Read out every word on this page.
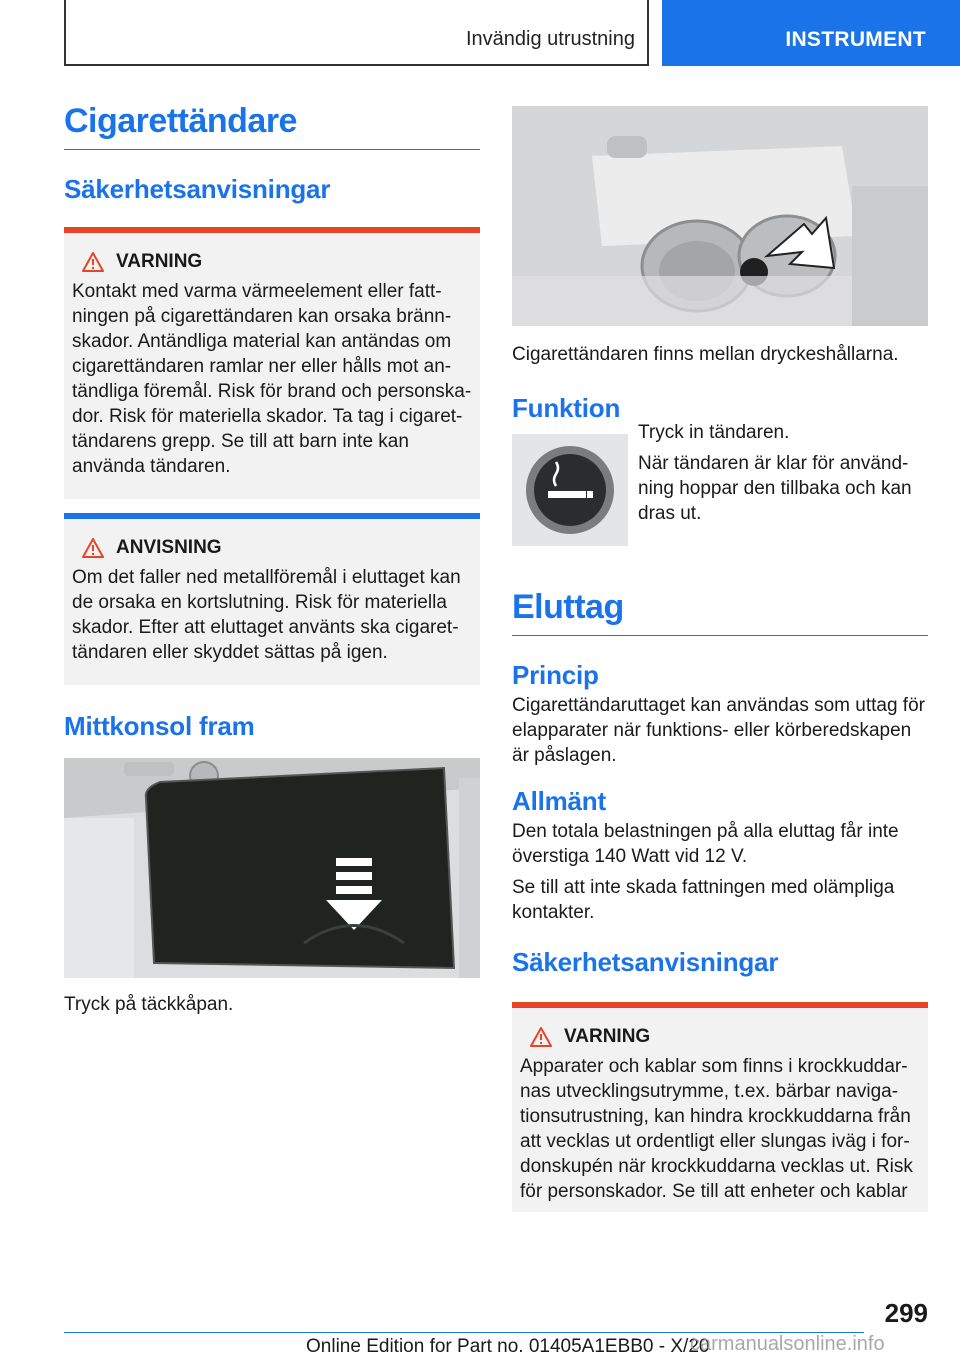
Invändig utrustning	INSTRUMENT
Cigarettändare
Säkerhetsanvisningar
VARNING
Kontakt med varma värmeelement eller fatt-
ningen på cigarettändaren kan orsaka bränn-
skador. Antändliga material kan antändas om
cigarettändaren ramlar ner eller hålls mot an-
tändliga föremål. Risk för brand och personska-
dor. Risk för materiella skador. Ta tag i cigaret-
tändarens grepp. Se till att barn inte kan
använda tändaren.
ANVISNING
Om det faller ned metallföremål i eluttaget kan
de orsaka en kortslutning. Risk för materiella
skador. Efter att eluttaget använts ska cigaret-
tändaren eller skyddet sättas på igen.
Mittkonsol fram
Tryck på täckkåpan.
Cigarettändaren finns mellan dryckeshållarna.
Funktion
Tryck in tändaren.
När tändaren är klar för använd-
ning hoppar den tillbaka och kan
dras ut.
Eluttag
Princip
Cigarettändaruttaget kan användas som uttag för
elapparater när funktions- eller körberedskapen
är påslagen.
Allmänt
Den totala belastningen på alla eluttag får inte
överstiga 140 Watt vid 12 V.
Se till att inte skada fattningen med olämpliga
kontakter.
Säkerhetsanvisningar
VARNING
Apparater och kablar som finns i krockkuddar-
nas utvecklingsutrymme, t.ex. bärbar naviga-
tionsutrustning, kan hindra krockkuddarna från
att vecklas ut ordentligt eller slungas iväg i for-
donskupén när krockkuddarna vecklas ut. Risk
för personskador. Se till att enheter och kablar
299
Online Edition for Part no. 01405A1EBB0 - X/20
carmanualsonline.info
